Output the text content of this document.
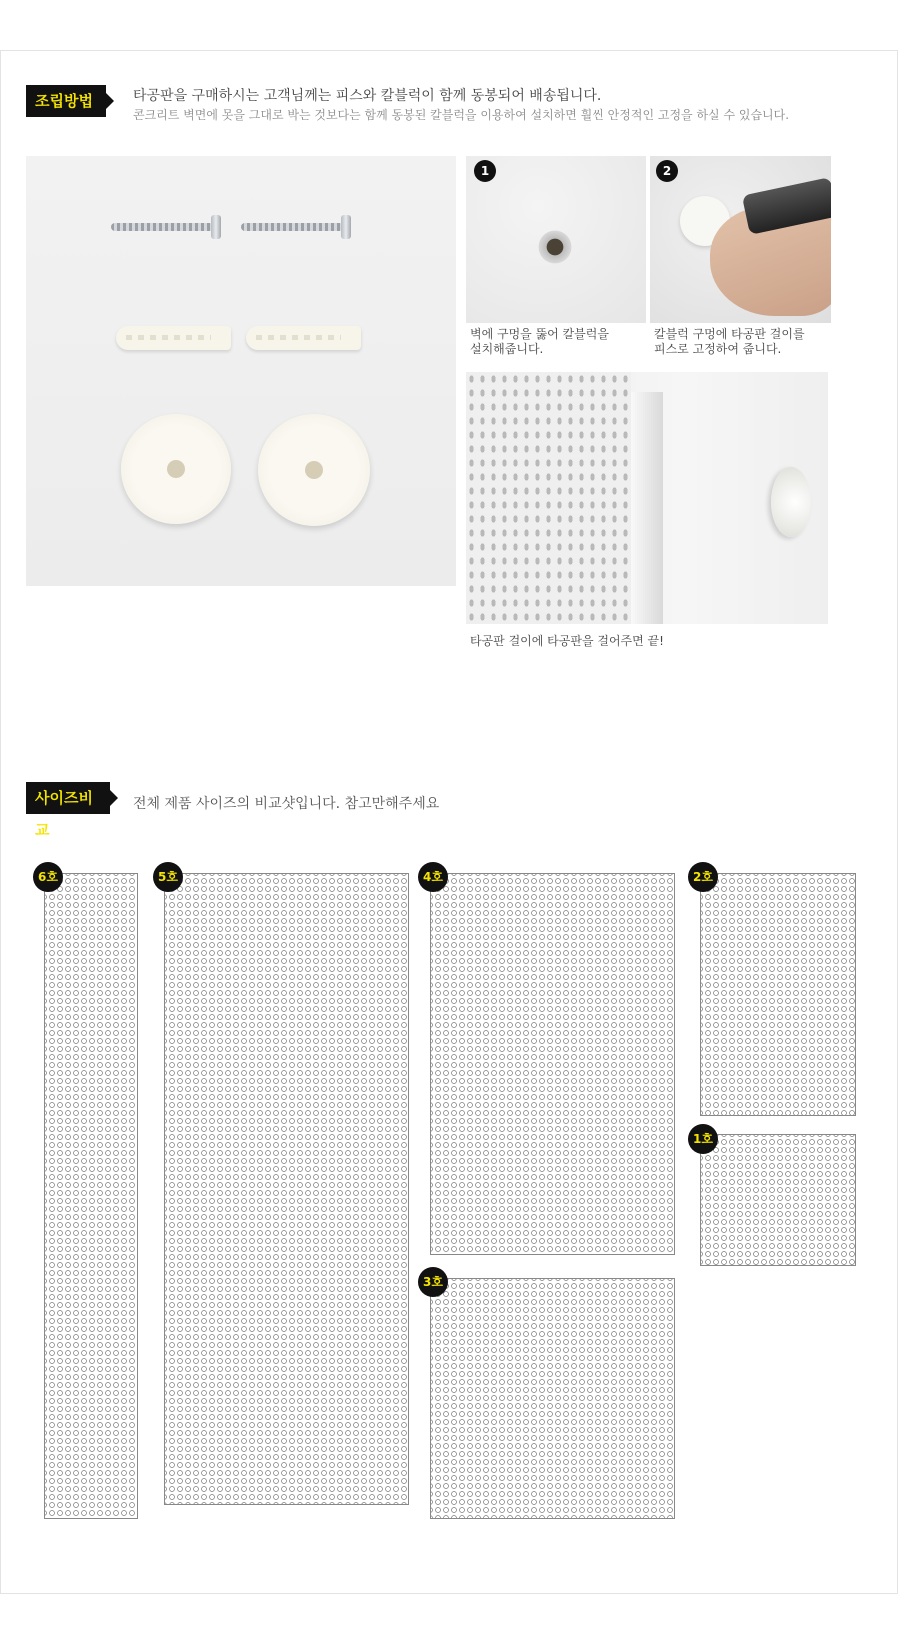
조립방법	타공판을 구매하시는 고객님께는 피스와 칼블럭이 함께 동봉되어 배송됩니다.
콘크리트 벽면에 못을 그대로 박는 것보다는 함께 동봉된 칼블럭을 이용하여 설치하면 훨씬 안정적인 고정을 하실 수 있습니다.
1
벽에 구멍을 뚫어 칼블럭을
설치해줍니다.
2
칼블럭 구멍에 타공판 걸이를
피스로 고정하여 줍니다.
타공판 걸이에 타공판을 걸어주면 끝!
사이즈비교
전체 제품 사이즈의 비교샷입니다. 참고만해주세요
6호	5호	4호	2호
1호
3호
